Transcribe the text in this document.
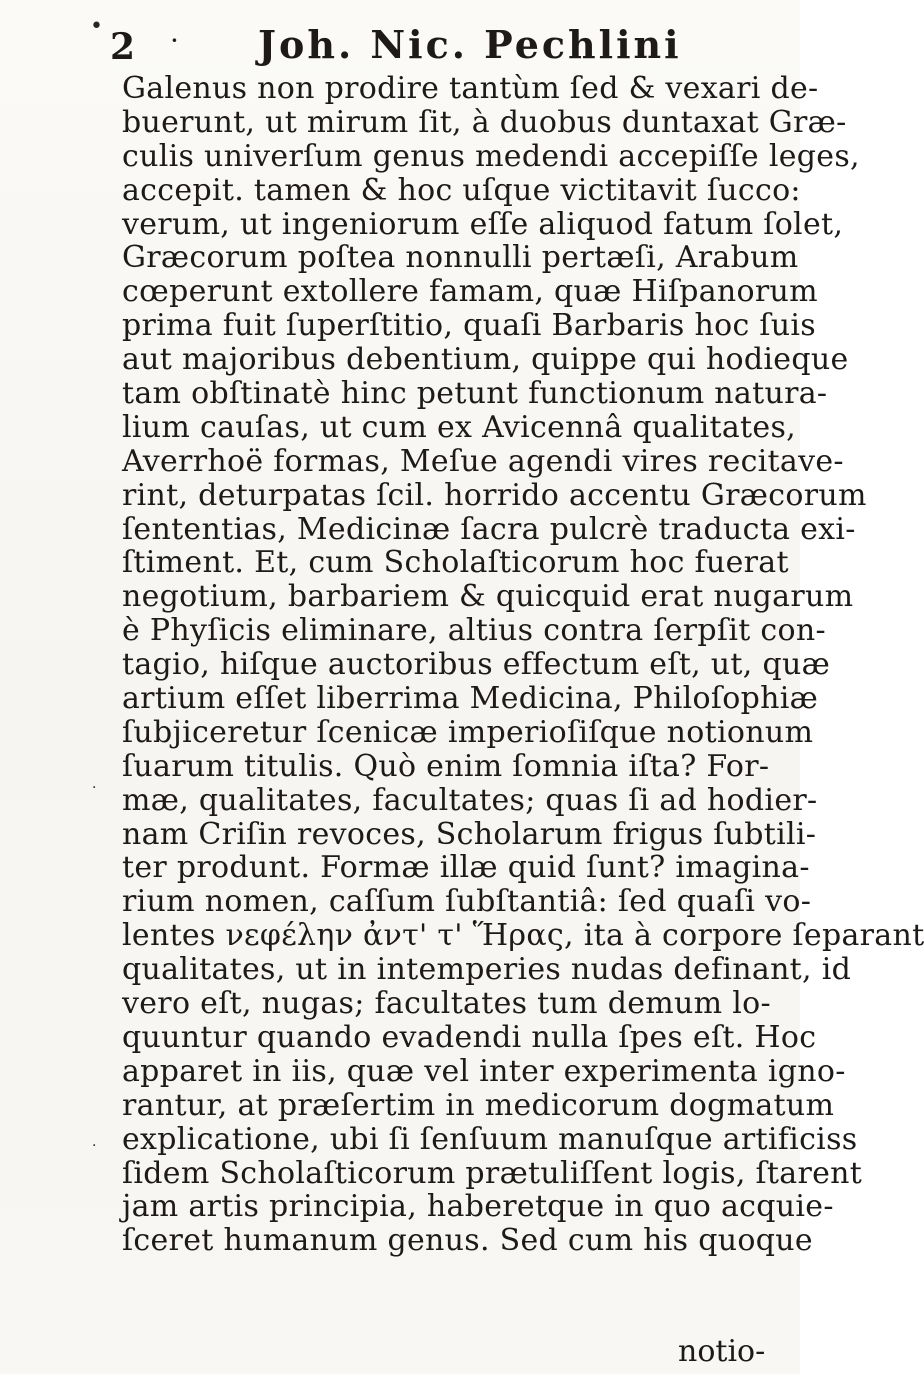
2 · Joh. Nic. Pechlini
Galenus non prodire tantùm ſed & vexari de-
buerunt, ut mirum ſit, à duobus duntaxat Græ-
culis univerſum genus medendi accepiſſe leges,
accepit. tamen & hoc uſque victitavit ſucco:
verum, ut ingeniorum eſſe aliquod fatum ſolet,
Græcorum poſtea nonnulli pertæſi, Arabum
cœperunt extollere famam, quæ Hiſpanorum
prima fuit ſuperſtitio, quaſi Barbaris hoc ſuis
aut majoribus debentium, quippe qui hodieque
tam obſtinatè hinc petunt functionum natura-
lium cauſas, ut cum ex Avicennâ qualitates,
Averrhoë formas, Meſue agendi vires recitave-
rint, deturpatas ſcil. horrido accentu Græcorum
ſententias, Medicinæ ſacra pulcrè traducta exi-
ſtiment. Et, cum Scholaſticorum hoc fuerat
negotium, barbariem & quicquid erat nugarum
è Phyſicis eliminare, altius contra ſerpſit con-
tagio, hiſque auctoribus effectum eſt, ut, quæ
artium eſſet liberrima Medicina, Philoſophiæ
ſubjiceretur ſcenicæ imperioſiſque notionum
ſuarum titulis. Quò enim ſomnia iſta? For-
mæ, qualitates, facultates; quas ſi ad hodier-
nam Criſin revoces, Scholarum frigus ſubtili-
ter produnt. Formæ illæ quid ſunt? imagina-
rium nomen, caſſum ſubſtantiâ: ſed quaſi vo-
lentes νεφέλην ἀντ' τ' Ἥρας, ita à corpore ſeparant
qualitates, ut in intemperies nudas definant, id
vero eſt, nugas; facultates tum demum lo-
quuntur quando evadendi nulla ſpes eſt. Hoc
apparet in iis, quæ vel inter experimenta igno-
rantur, at præſertim in medicorum dogmatum
explicatione, ubi ſi ſenſuum manuſque artificiss
ſidem Scholaſticorum prætuliſſent logis, ſtarent
jam artis principia, haberetque in quo acquie-
ſceret humanum genus. Sed cum his quoque
notio-
•
·
·
